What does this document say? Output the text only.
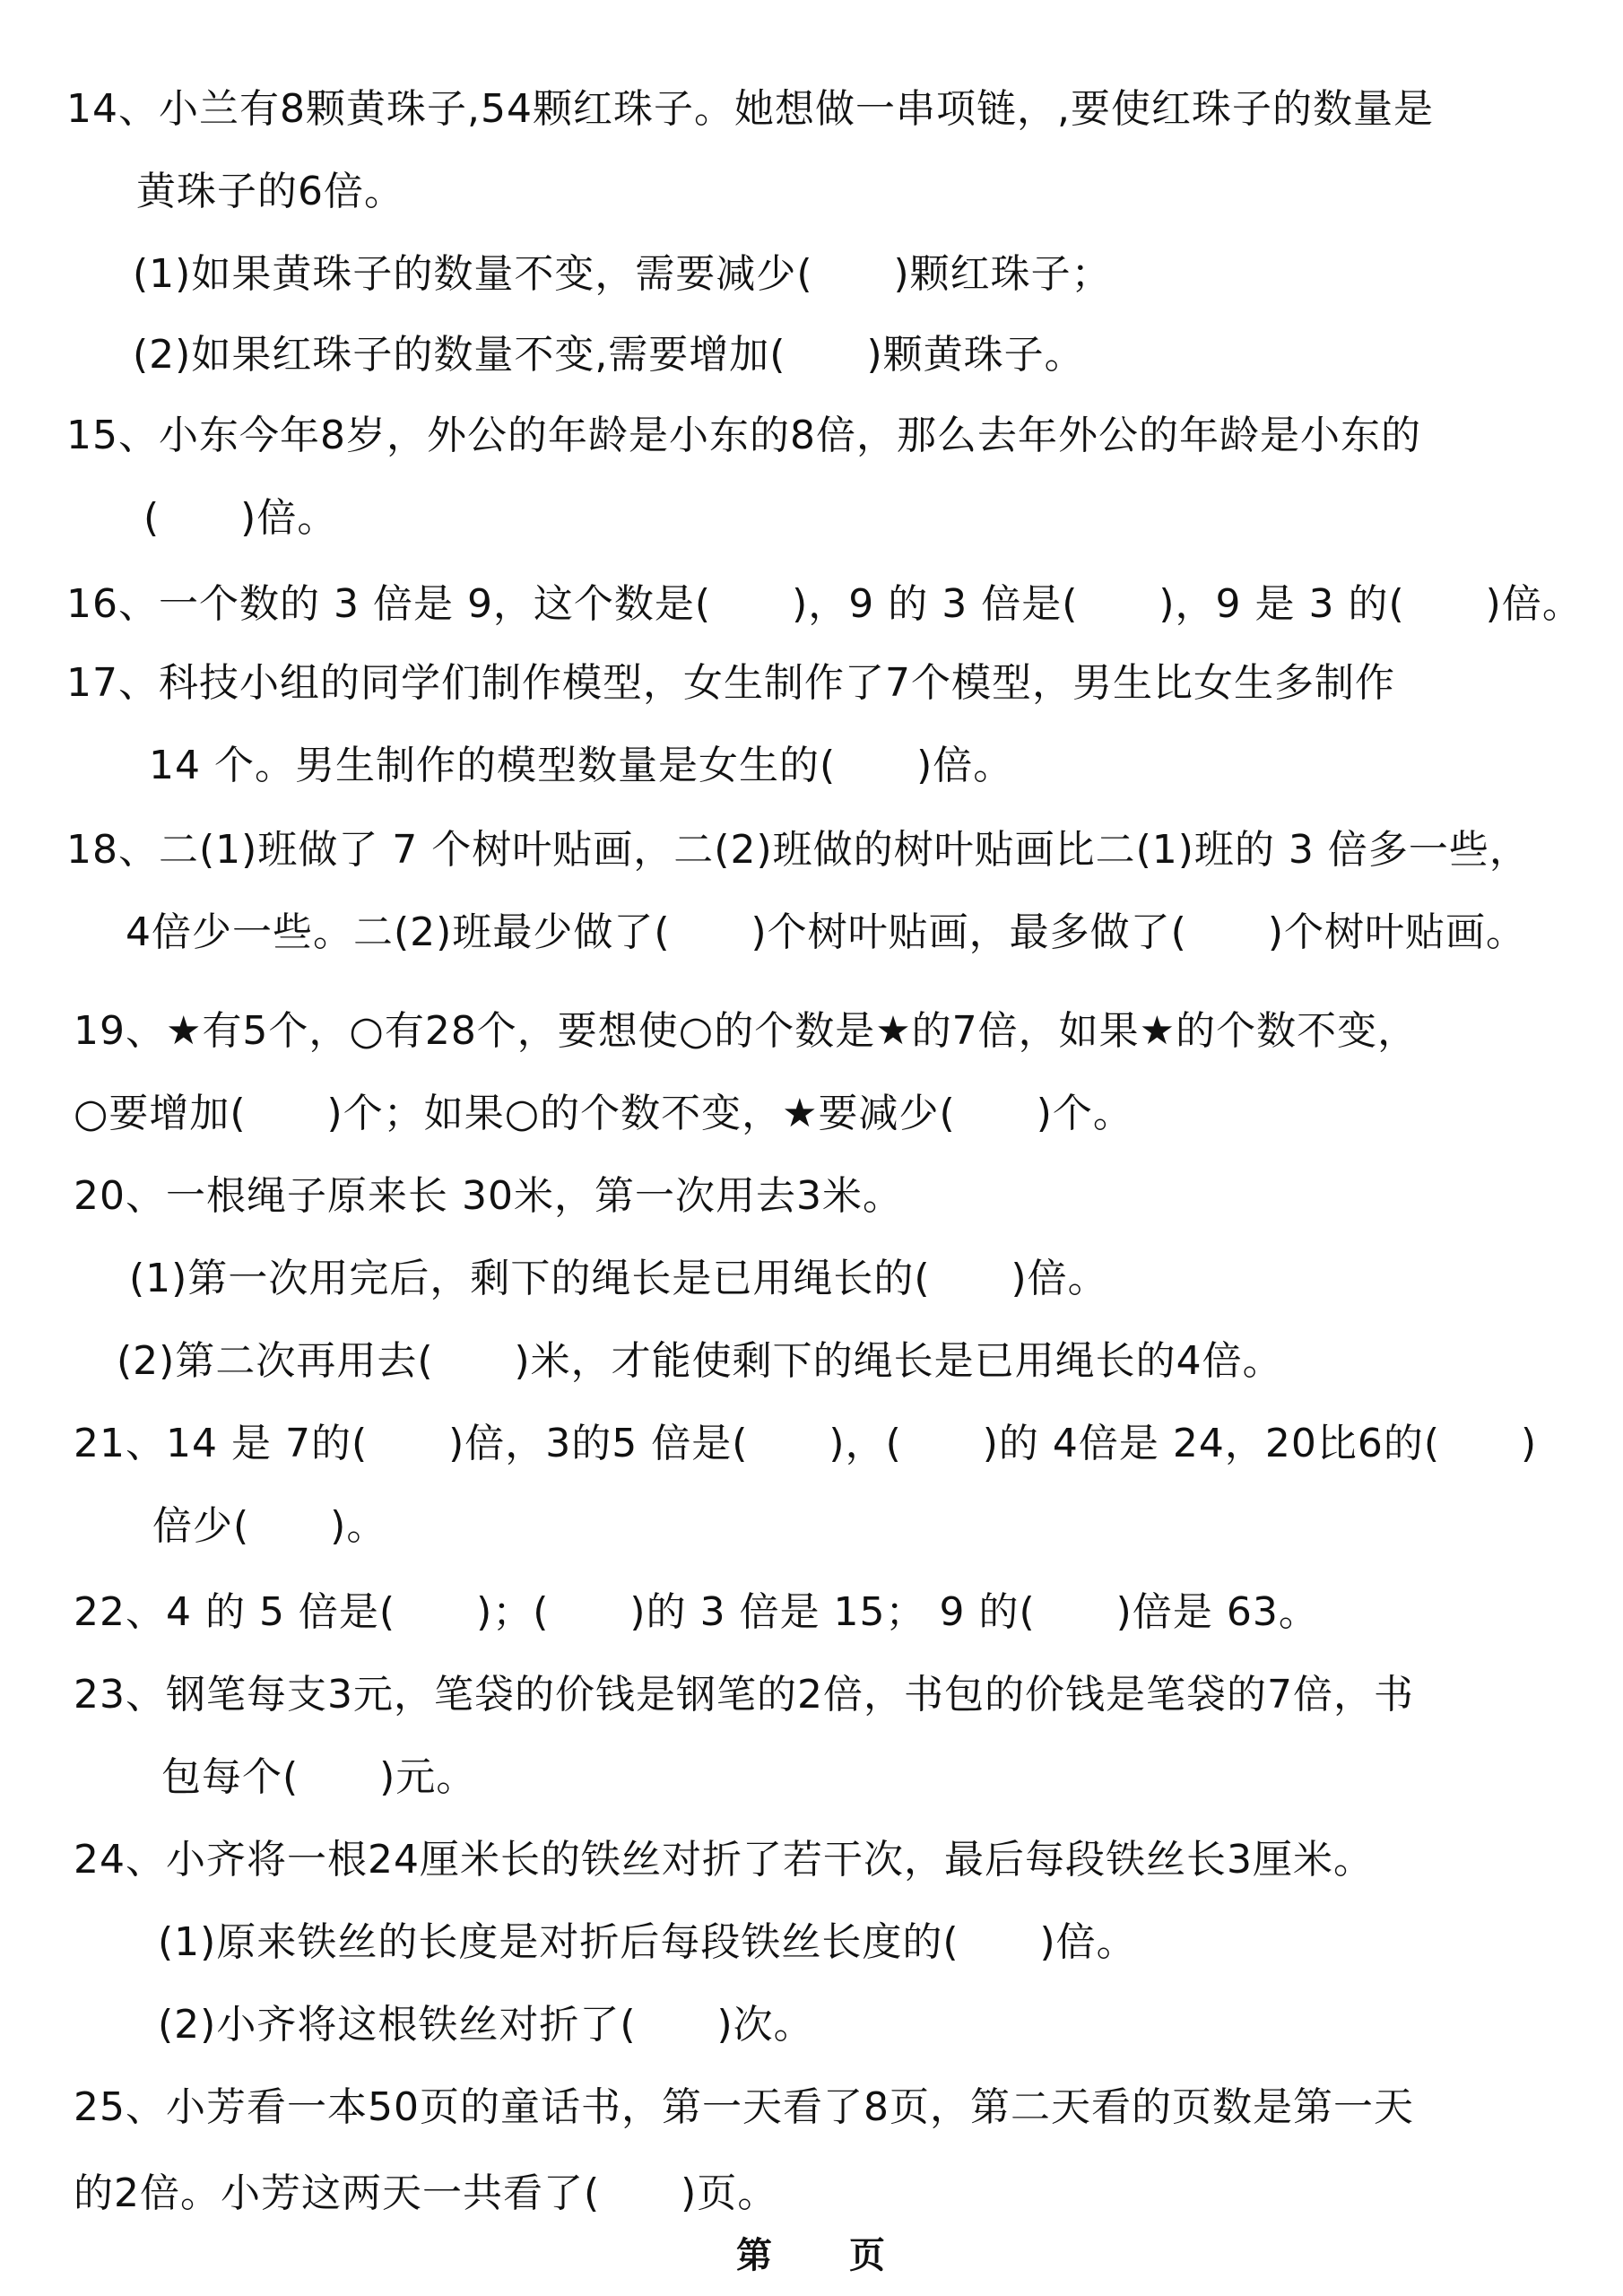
14、小兰有8颗黄珠子,54颗红珠子。她想做一串项链，,要使红珠子的数量是
黄珠子的6倍。
(1)如果黄珠子的数量不变，需要减少(　　)颗红珠子；
(2)如果红珠子的数量不变,需要增加(　　)颗黄珠子。
15、小东今年8岁，外公的年龄是小东的8倍，那么去年外公的年龄是小东的
(　　)倍。
16、一个数的 3 倍是 9，这个数是(　　)，9 的 3 倍是(　　)，9 是 3 的(　　)倍。
17、科技小组的同学们制作模型，女生制作了7个模型，男生比女生多制作
14 个。男生制作的模型数量是女生的(　　)倍。
18、二(1)班做了 7 个树叶贴画，二(2)班做的树叶贴画比二(1)班的 3 倍多一些，
4倍少一些。二(2)班最少做了(　　)个树叶贴画，最多做了(　　)个树叶贴画。
19、★有5个，○有28个，要想使○的个数是★的7倍，如果★的个数不变，
○要增加(　　)个；如果○的个数不变，★要减少(　　)个。
20、一根绳子原来长 30米，第一次用去3米。
(1)第一次用完后，剩下的绳长是已用绳长的(　　)倍。
(2)第二次再用去(　　)米，才能使剩下的绳长是已用绳长的4倍。
21、14 是 7的(　　)倍，3的5 倍是(　　)，(　　)的 4倍是 24，20比6的(　　)
倍少(　　)。
22、4 的 5 倍是(　　)；(　　)的 3 倍是 15； 9 的(　　)倍是 63。
23、钢笔每支3元，笔袋的价钱是钢笔的2倍，书包的价钱是笔袋的7倍，书
包每个(　　)元。
24、小齐将一根24厘米长的铁丝对折了若干次，最后每段铁丝长3厘米。
(1)原来铁丝的长度是对折后每段铁丝长度的(　　)倍。
(2)小齐将这根铁丝对折了(　　)次。
25、小芳看一本50页的童话书，第一天看了8页，第二天看的页数是第一天
的2倍。小芳这两天一共看了(　　)页。
第　　页
